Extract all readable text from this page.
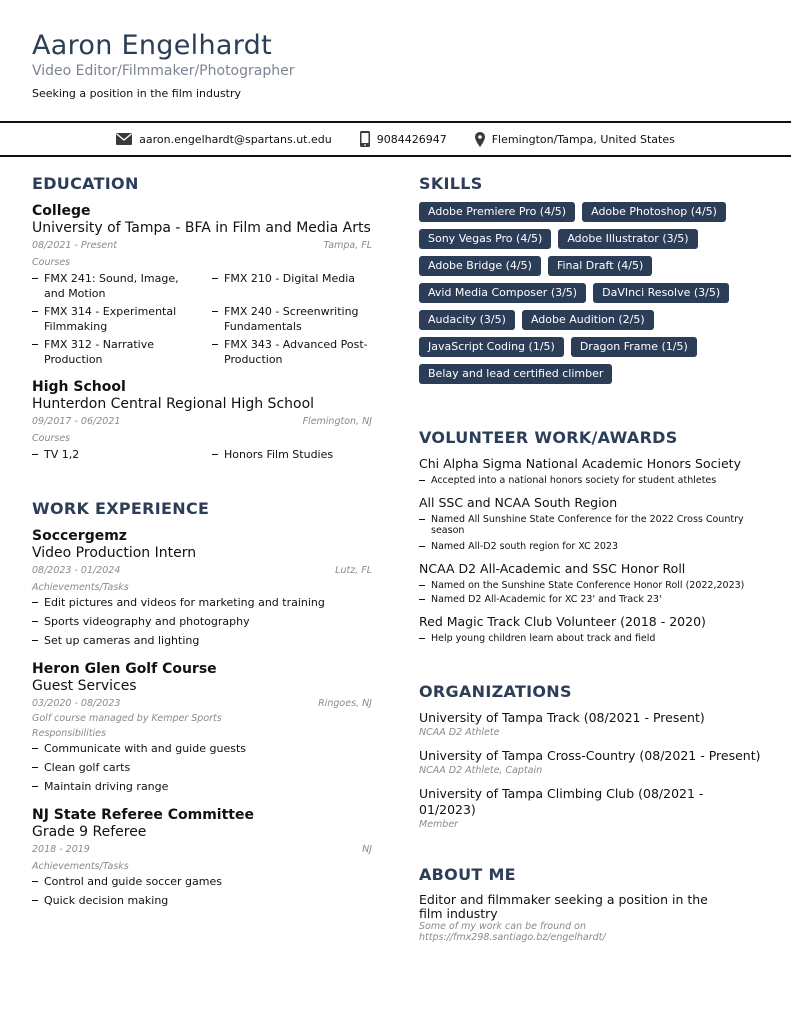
Aaron Engelhardt
Video Editor/Filmmaker/Photographer
Seeking a position in the film industry
aaron.engelhardt@spartans.ut.edu	9084426947	Flemington/Tampa, United States
EDUCATION
College
University of Tampa - BFA in Film and Media Arts
08/2021 - Present	Tampa, FL
Courses
FMX 241: Sound, Image, and Motion
FMX 210 - Digital Media
FMX 314 - Experimental Filmmaking
FMX 240 - Screenwriting Fundamentals
FMX 312 - Narrative Production
FMX 343 - Advanced Post-Production
High School
Hunterdon Central Regional High School
09/2017 - 06/2021	Flemington, NJ
Courses
TV 1,2	Honors Film Studies
WORK EXPERIENCE
Soccergemz
Video Production Intern
08/2023 - 01/2024	Lutz, FL
Achievements/Tasks
Edit pictures and videos for marketing and training
Sports videography and photography
Set up cameras and lighting
Heron Glen Golf Course
Guest Services
03/2020 - 08/2023	Ringoes, NJ
Golf course managed by Kemper Sports
Responsibilities
Communicate with and guide guests
Clean golf carts
Maintain driving range
NJ State Referee Committee
Grade 9 Referee
2018 - 2019	NJ
Achievements/Tasks
Control and guide soccer games
Quick decision making
SKILLS
Adobe Premiere Pro (4/5)	Adobe Photoshop (4/5)
Sony Vegas Pro (4/5)	Adobe Illustrator (3/5)
Adobe Bridge (4/5)	Final Draft (4/5)
Avid Media Composer (3/5)	DaVInci Resolve (3/5)
Audacity (3/5)	Adobe Audition (2/5)
JavaScript Coding (1/5)	Dragon Frame (1/5)
Belay and lead certified climber
VOLUNTEER WORK/AWARDS
Chi Alpha Sigma National Academic Honors Society
Accepted into a national honors society for student athletes
All SSC and NCAA South Region
Named All Sunshine State Conference for the 2022 Cross Country season
Named All-D2 south region for XC 2023
NCAA D2 All-Academic and SSC Honor Roll
Named on the Sunshine State Conference Honor Roll (2022,2023)
Named D2 All-Academic for XC 23' and Track 23'
Red Magic Track Club Volunteer (2018 - 2020)
Help young children learn about track and field
ORGANIZATIONS
University of Tampa Track (08/2021 - Present)
NCAA D2 Athlete
University of Tampa Cross-Country (08/2021 - Present)
NCAA D2 Athlete, Captain
University of Tampa Climbing Club (08/2021 - 01/2023)
Member
ABOUT ME
Editor and filmmaker seeking a position in the film industry
Some of my work can be fround on
https://fmx298.santiago.bz/engelhardt/
